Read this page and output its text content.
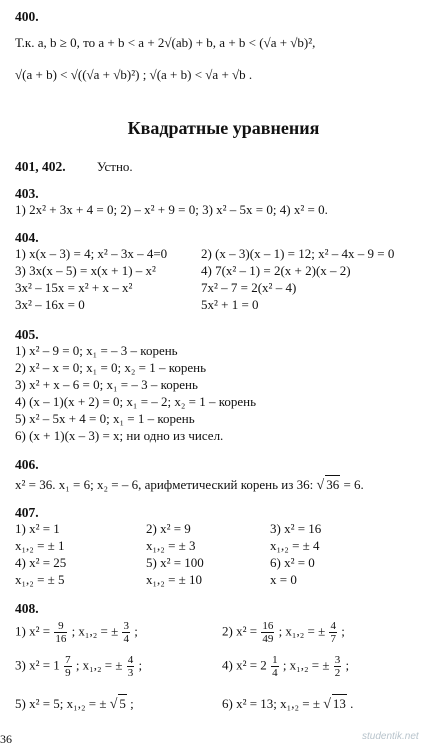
400.
Т.к. a, b ≥ 0, то a + b < a + 2√(ab) + b, a + b < (√a + √b)²,
√(a + b) < √((√a + √b)²) ; √(a + b) < √a + √b .
Квадратные уравнения
401, 402. Устно.
403.
1) 2x² + 3x + 4 = 0; 2) – x² + 9 = 0; 3) x² – 5x = 0; 4) x² = 0.
404.
1) x(x – 3) = 4; x² – 3x – 4=0	2) (x – 3)(x – 1) = 12; x² – 4x – 9 = 0
3) 3x(x – 5) = x(x + 1) – x²	4) 7(x² – 1) = 2(x + 2)(x – 2)
3x² – 15x = x² + x – x²	7x² – 7 = 2(x² – 4)
3x² – 16x = 0	5x² + 1 = 0
405.
1) x² – 9 = 0; x₁ = – 3 – корень
2) x² – x = 0; x₁ = 0; x₂ = 1 – корень
3) x² + x – 6 = 0; x₁ = – 3 – корень
4) (x – 1)(x + 2) = 0; x₁ = – 2; x₂ = 1 – корень
5) x² – 5x + 4 = 0; x₁ = 1 – корень
6) (x + 1)(x – 3) = x; ни одно из чисел.
406.
x² = 36. x₁ = 6; x₂ = – 6, арифметический корень из 36: √ 36 = 6.
407.
1) x² = 1	2) x² = 9	3) x² = 16
x₁,₂ = ± 1	x₁,₂ = ± 3	x₁,₂ = ± 4
4) x² = 25	5) x² = 100	6) x² = 0
x₁,₂ = ± 5	x₁,₂ = ± 10	x = 0
408.
1) $x^2 = \frac{9}{16}$ ; x₁,₂ = ± $\frac{3}{4}$ ;	2) $x^2 = \frac{16}{49}$ ; x₁,₂ = ± $\frac{4}{7}$ ;
3) $x^2 = 1 \frac{7}{9}$ ; x₁,₂ = ± $\frac{4}{3}$ ;	4) $x^2 = 2 \frac{1}{4}$ ; x₁,₂ = ± $\frac{3}{2}$ ;
5) x² = 5; x₁,₂ = ± √ 5 ;	6) x² = 13; x₁,₂ = ± √ 13 .
36	studentik.net
